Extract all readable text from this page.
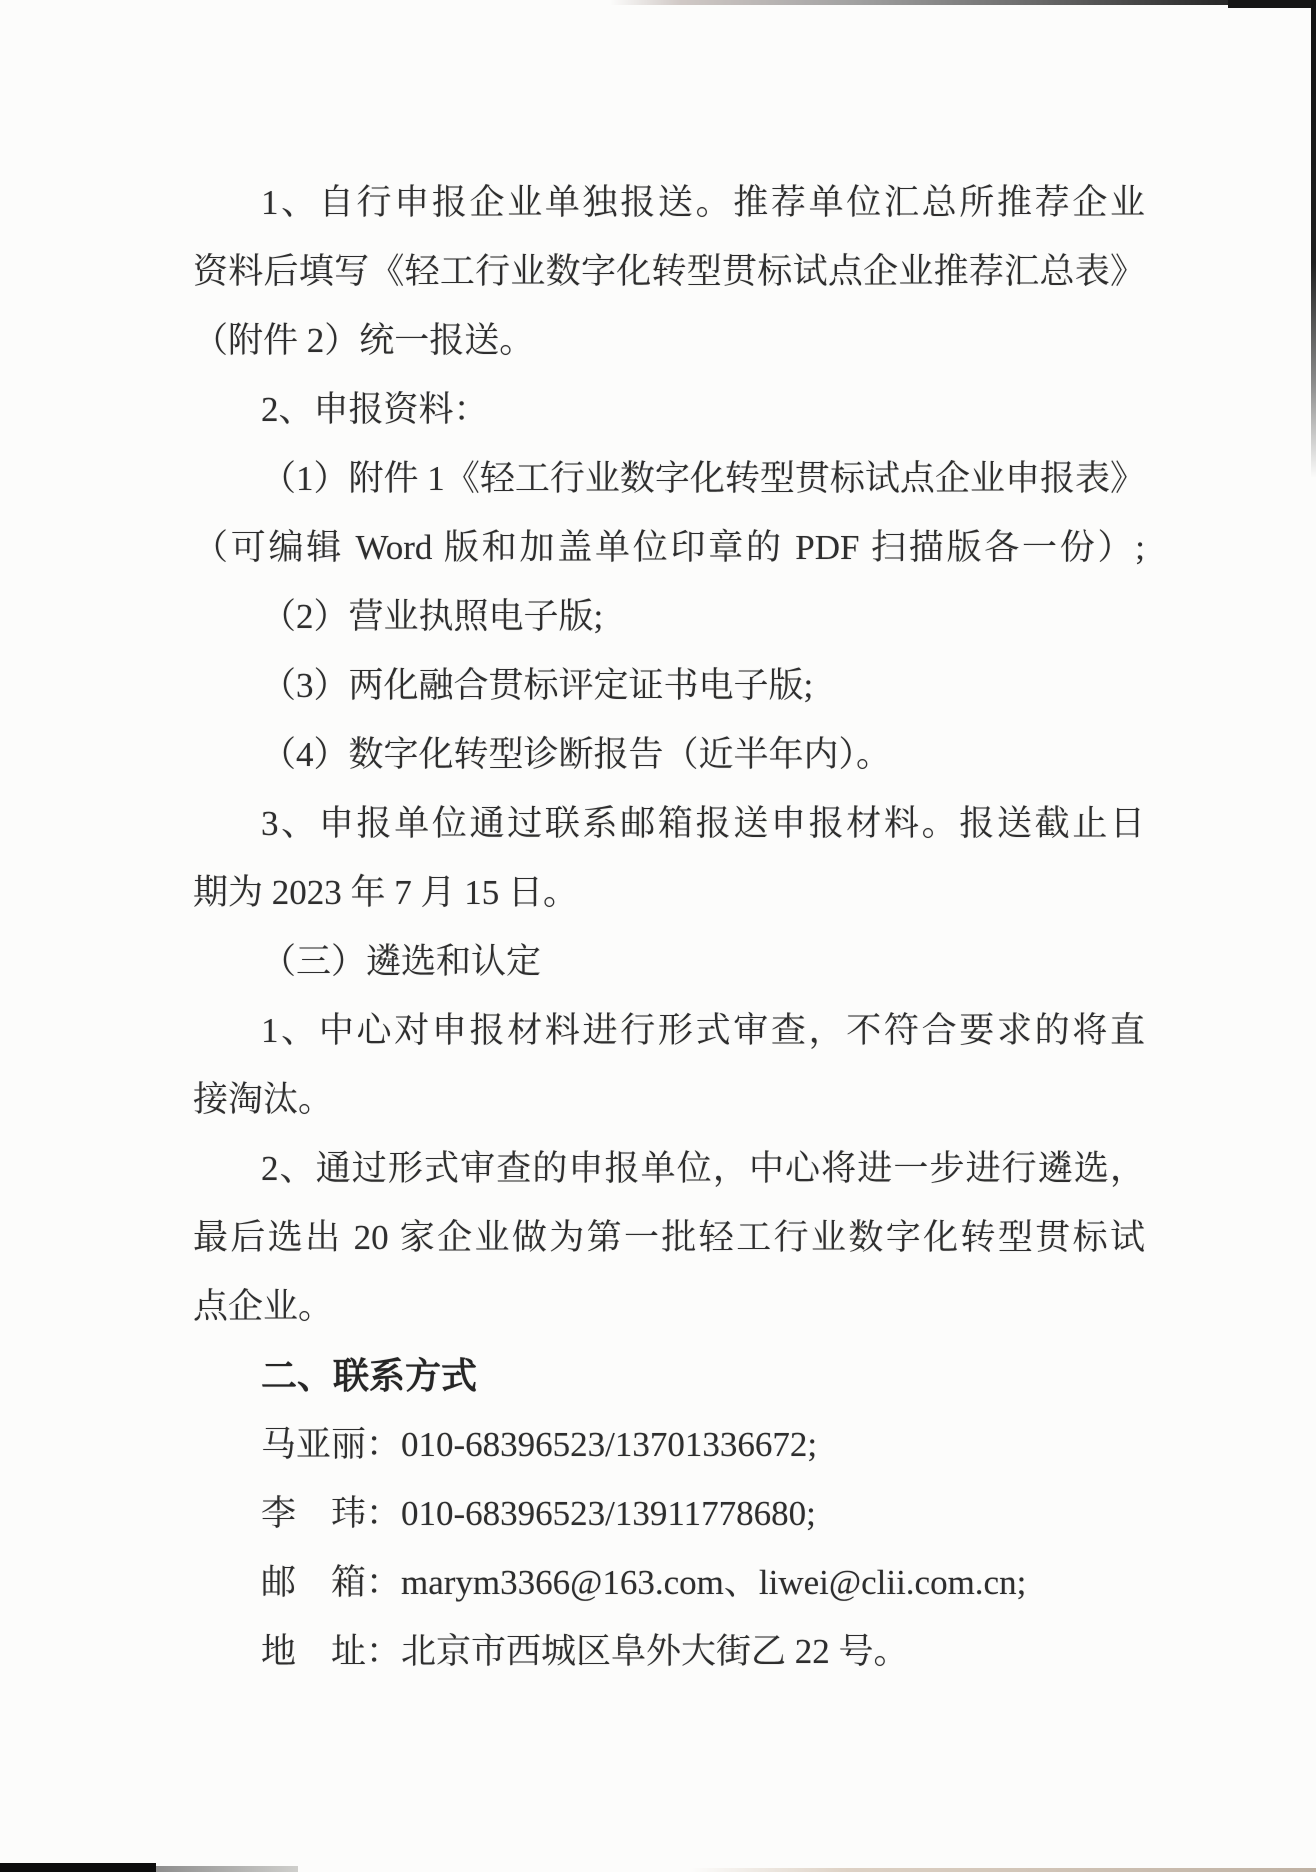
1、自行申报企业单独报送。推荐单位汇总所推荐企业
资料后填写《轻工行业数字化转型贯标试点企业推荐汇总表》
（附件 2）统一报送。
2、申报资料：
（1）附件 1《轻工行业数字化转型贯标试点企业申报表》
（可编辑 Word 版和加盖单位印章的 PDF 扫描版各一份）;
（2）营业执照电子版;
（3）两化融合贯标评定证书电子版;
（4）数字化转型诊断报告（近半年内）。
3、申报单位通过联系邮箱报送申报材料。报送截止日
期为 2023 年 7 月 15 日。
（三）遴选和认定
1、中心对申报材料进行形式审查，不符合要求的将直
接淘汰。
2、通过形式审查的申报单位，中心将进一步进行遴选，
最后选出 20 家企业做为第一批轻工行业数字化转型贯标试
点企业。
二、联系方式
马亚丽：010-68396523/13701336672;
李　玮：010-68396523/13911778680;
邮　箱：marym3366@163.com、liwei@clii.com.cn;
地　址：北京市西城区阜外大街乙 22 号。
